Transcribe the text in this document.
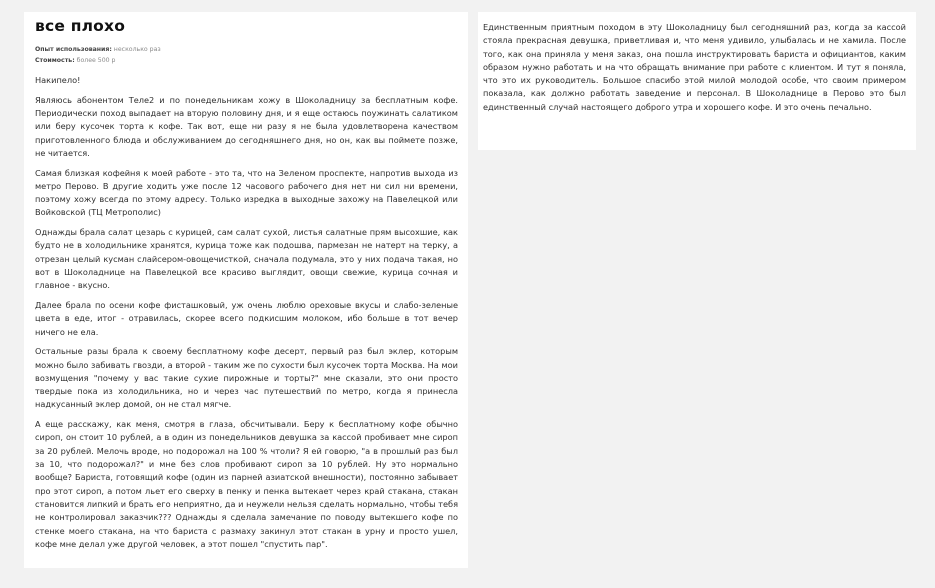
все плохо
Опыт использования: несколько раз
Стоимость: более 500 р

Накипело!

Являюсь абонентом Теле2 и по понедельникам хожу в Шоколадницу за бесплатным кофе. Периодически поход выпадает на вторую половину дня, и я еще остаюсь поужинать салатиком или беру кусочек торта к кофе. Так вот, еще ни разу я не была удовлетворена качеством приготовленного блюда и обслуживанием до сегодняшнего дня, но он, как вы поймете позже, не читается.

Самая близкая кофейня к моей работе - это та, что на Зеленом проспекте, напротив выхода из метро Перово. В другие ходить уже после 12 часового рабочего дня нет ни сил ни времени, поэтому хожу всегда по этому адресу. Только изредка в выходные захожу на Павелецкой или Войковской (ТЦ Метрополис)

Однажды брала салат цезарь с курицей, сам салат сухой, листья салатные прям высохшие, как будто не в холодильнике хранятся, курица тоже как подошва, пармезан не натерт на терку, а отрезан целый кусман слайсером-овощечисткой, сначала подумала, это у них подача такая, но вот в Шоколаднице на Павелецкой все красиво выглядит, овощи свежие, курица сочная и главное - вкусно.

Далее брала по осени кофе фисташковый, уж очень люблю ореховые вкусы и слабо-зеленые цвета в еде, итог - отравилась, скорее всего подкисшим молоком, ибо больше в тот вечер ничего не ела.

Остальные разы брала к своему бесплатному кофе десерт, первый раз был эклер, которым можно было забивать гвозди, а второй - таким же по сухости был кусочек торта Москва. На мои возмущения "почему у вас такие сухие пирожные и торты?" мне сказали, это они просто твердые пока из холодильника, но и через час путешествий по метро, когда я принесла надкусанный эклер домой, он не стал мягче.

А еще расскажу, как меня, смотря в глаза, обсчитывали. Беру к бесплатному кофе обычно сироп, он стоит 10 рублей, а в один из понедельников девушка за кассой пробивает мне сироп за 20 рублей. Мелочь вроде, но подорожал на 100 % чтоли? Я ей говорю, "а в прошлый раз был за 10, что подорожал?" и мне без слов пробивают сироп за 10 рублей. Ну это нормально вообще? Бариста, готовящий кофе (один из парней азиатской внешности), постоянно забывает про этот сироп, а потом льет его сверху в пенку и пенка вытекает через край стакана, стакан становится липкий и брать его неприятно, да и неужели нельзя сделать нормально, чтобы тебя не контролировал заказчик??? Однажды я сделала замечание по поводу вытекшего кофе по стенке моего стакана, на что бариста с размаху закинул этот стакан в урну и просто ушел, кофе мне делал уже другой человек, а этот пошел "спустить пар".

Единственным приятным походом в эту Шоколадницу был сегодняшний раз, когда за кассой стояла прекрасная девушка, приветливая и, что меня удивило, улыбалась и не хамила. После того, как она приняла у меня заказ, она пошла инструктировать бариста и официантов, каким образом нужно работать и на что обращать внимание при работе с клиентом. И тут я поняла, что это их руководитель. Большое спасибо этой милой молодой особе, что своим примером показала, как должно работать заведение и персонал. В Шоколаднице в Перово это был единственный случай настоящего доброго утра и хорошего кофе. И это очень печально.
